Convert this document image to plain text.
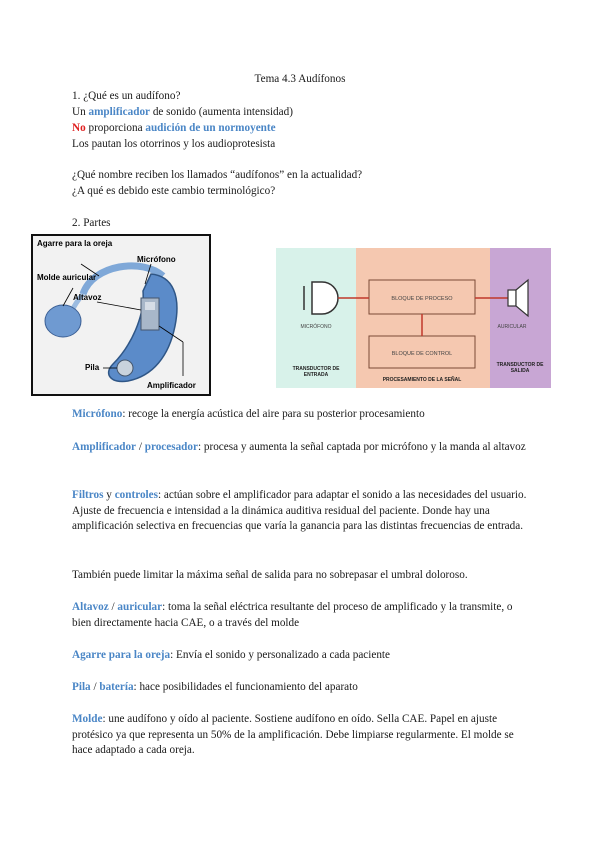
Tema 4.3 Audífonos
1. ¿Qué es un audífono?
Un amplificador de sonido (aumenta intensidad)
No proporciona audición de un normoyente
Los pautan los otorrinos y los audioprotesista
¿Qué nombre reciben los llamados “audífonos” en la actualidad?
¿A qué es debido este cambio terminológico?
2. Partes
Agarre para la oreja
Micrófono
Molde auricular
Altavoz
Pila
Amplificador
BLOQUE DE PROCESO
BLOQUE DE CONTROL
MICRÓFONO	AURICULAR
PROCESAMIENTO DE LA SEÑAL
TRANSDUCTOR DE ENTRADA
TRANSDUCTOR DE SALIDA
Micrófono: recoge la energía acústica del aire para su posterior procesamiento
Amplificador / procesador: procesa y aumenta la señal captada por micrófono y la manda al altavoz
Filtros y controles: actúan sobre el amplificador para adaptar el sonido a las necesidades del usuario. Ajuste de frecuencia e intensidad a la dinámica auditiva residual del paciente. Donde hay una amplificación selectiva en frecuencias que varía la ganancia para las distintas frecuencias de entrada.
También puede limitar la máxima señal de salida para no sobrepasar el umbral doloroso.
Altavoz / auricular: toma la señal eléctrica resultante del proceso de amplificado y la transmite, o bien directamente hacia CAE, o a través del molde
Agarre para la oreja: Envía el sonido y personalizado a cada paciente
Pila / batería: hace posibilidades el funcionamiento del aparato
Molde: une audífono y oído al paciente. Sostiene audífono en oído. Sella CAE. Papel en ajuste protésico ya que representa un 50% de la amplificación. Debe limpiarse regularmente. El molde se hace adaptado a cada oreja.
